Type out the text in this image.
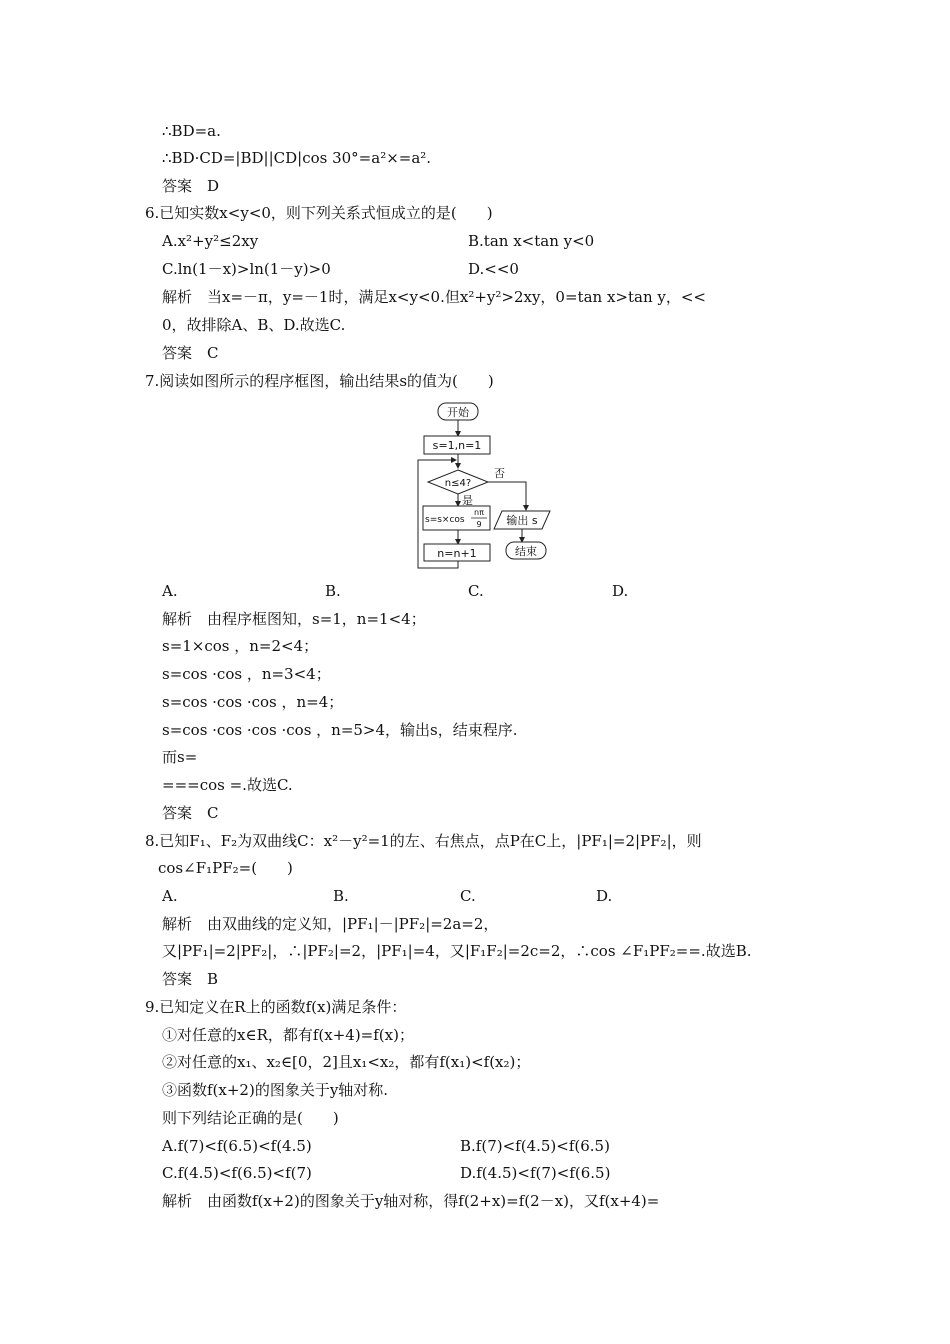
∴BD=a.
∴BD·CD=|BD||CD|cos 30°=a²×=a².
答案　D
6.已知实数x<y<0，则下列关系式恒成立的是(　　)
A.x²+y²≤2xy	B.tan x<tan y<0
C.ln(1－x)>ln(1－y)>0	D.<<0
解析　当x=－π，y=－1时，满足x<y<0.但x²+y²>2xy，0=tan x>tan y，<<
0，故排除A、B、D.故选C.
答案　C
7.阅读如图所示的程序框图，输出结果s的值为(　　)
开始
s=1,n=1
n≤4?
否
是
s=s×cos
nπ
9
n=n+1
输出 s
结束
A.	B.	C.	D.
解析　由程序框图知，s=1，n=1<4；
s=1×cos ，n=2<4；
s=cos ·cos ，n=3<4；
s=cos ·cos ·cos ，n=4；
s=cos ·cos ·cos ·cos ，n=5>4，输出s，结束程序.
而s=
===cos =.故选C.
答案　C
8.已知F₁、F₂为双曲线C：x²－y²=1的左、右焦点，点P在C上，|PF₁|=2|PF₂|，则
cos∠F₁PF₂=(　　)
A.	B.	C.	D.
解析　由双曲线的定义知，|PF₁|－|PF₂|=2a=2，
又|PF₁|=2|PF₂|，∴|PF₂|=2，|PF₁|=4，又|F₁F₂|=2c=2，∴cos ∠F₁PF₂==.故选B.
答案　B
9.已知定义在R上的函数f(x)满足条件：
①对任意的x∈R，都有f(x+4)=f(x)；
②对任意的x₁、x₂∈[0，2]且x₁<x₂，都有f(x₁)<f(x₂)；
③函数f(x+2)的图象关于y轴对称.
则下列结论正确的是(　　)
A.f(7)<f(6.5)<f(4.5)	B.f(7)<f(4.5)<f(6.5)
C.f(4.5)<f(6.5)<f(7)	D.f(4.5)<f(7)<f(6.5)
解析　由函数f(x+2)的图象关于y轴对称，得f(2+x)=f(2－x)，又f(x+4)=
